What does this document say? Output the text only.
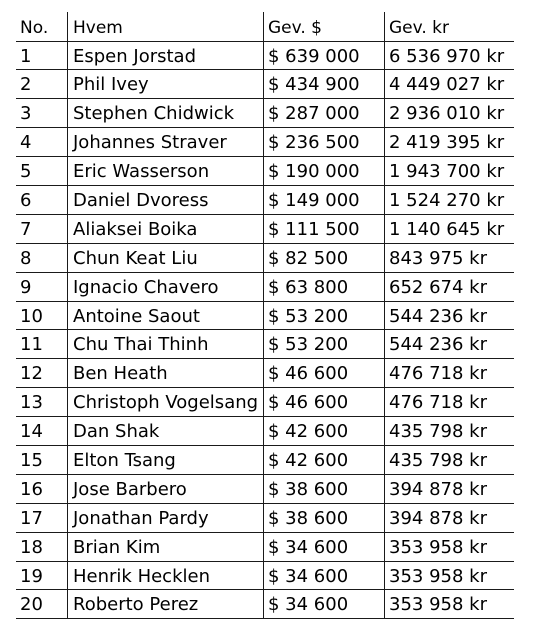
No.	Hvem	Gev. $	Gev. kr
1	Espen Jorstad	$ 639 000	6 536 970 kr
2	Phil Ivey	$ 434 900	4 449 027 kr
3	Stephen Chidwick	$ 287 000	2 936 010 kr
4	Johannes Straver	$ 236 500	2 419 395 kr
5	Eric Wasserson	$ 190 000	1 943 700 kr
6	Daniel Dvoress	$ 149 000	1 524 270 kr
7	Aliaksei Boika	$ 111 500	1 140 645 kr
8	Chun Keat Liu	$ 82 500	843 975 kr
9	Ignacio Chavero	$ 63 800	652 674 kr
10	Antoine Saout	$ 53 200	544 236 kr
11	Chu Thai Thinh	$ 53 200	544 236 kr
12	Ben Heath	$ 46 600	476 718 kr
13	Christoph Vogelsang $ 46 600	476 718 kr
14	Dan Shak	$ 42 600	435 798 kr
15	Elton Tsang	$ 42 600	435 798 kr
16	Jose Barbero	$ 38 600	394 878 kr
17	Jonathan Pardy	$ 38 600	394 878 kr
18	Brian Kim	$ 34 600	353 958 kr
19	Henrik Hecklen	$ 34 600	353 958 kr
20	Roberto Perez	$ 34 600	353 958 kr
